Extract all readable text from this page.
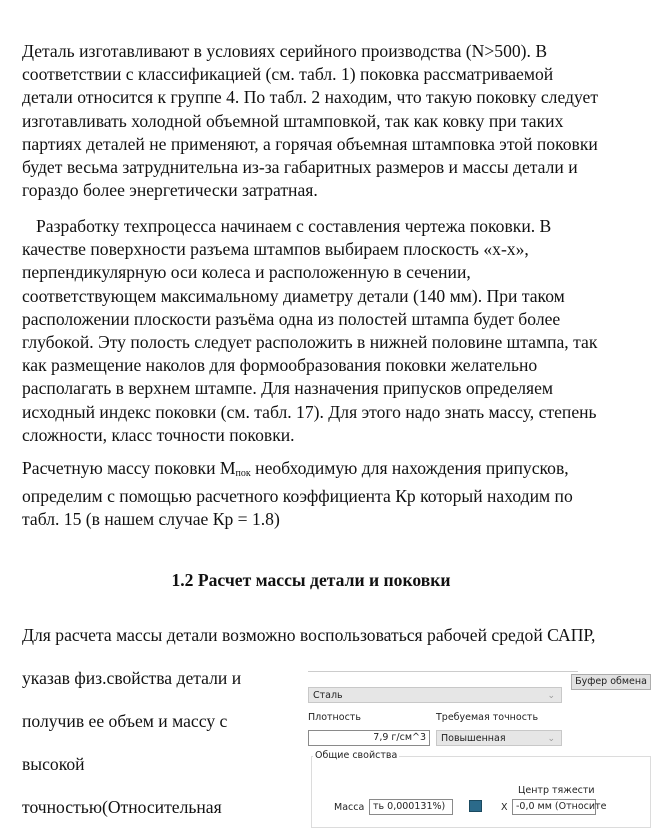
Деталь изготавливают в условиях серийного производства (N>500). В
соответствии с классификацией (см. табл. 1) поковка рассматриваемой
детали относится к группе 4. По табл. 2 находим, что такую поковку следует
изготавливать холодной объемной штамповкой, так как ковку при таких
партиях деталей не применяют, а горячая объемная штамповка этой поковки
будет весьма затруднительна из-за габаритных размеров и массы детали и
гораздо более энергетически затратная.
Разработку техпроцесса начинаем с составления чертежа поковки. В
качестве поверхности разъема штампов выбираем плоскость «х-х»,
перпендикулярную оси колеса и расположенную в сечении,
соответствующем максимальному диаметру детали (140 мм). При таком
расположении плоскости разъёма одна из полостей штампа будет более
глубокой. Эту полость следует расположить в нижней половине штампа, так
как размещение наколов для формообразования поковки желательно
располагать в верхнем штампе. Для назначения припусков определяем
исходный индекс поковки (см. табл. 17). Для этого надо знать массу, степень
сложности, класс точности поковки.
Расчетную массу поковки $М_{пок}$ необходимую для нахождения припусков,
определим с помощью расчетного коэффициента Кр который находим по
табл. 15 (в нашем случае Кр = 1.8)
1.2 Расчет массы детали и поковки
Для расчета массы детали возможно воспользоваться рабочей средой САПР,
указав физ.свойства детали и
получив ее объем и массу с
высокой
точностью(Относительная
Сталь	⌄
Буфер обмена
Плотность	Требуемая точность
7,9 г/см^3	Повышенная	⌄
Общие свойства
Центр тяжести
Масса ть 0,000131%)	X -0,0 мм (Относите
